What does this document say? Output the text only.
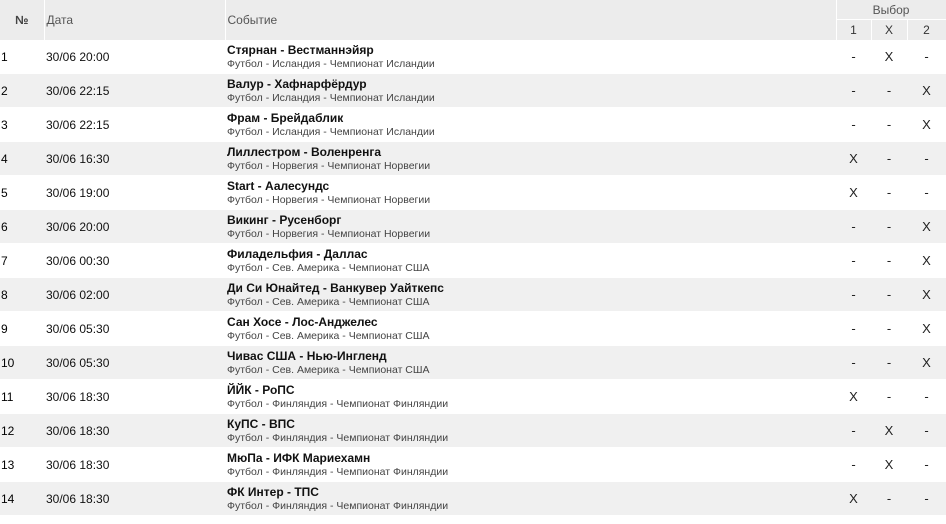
№	Дата	Событие	Выбор		
			1	X	2
1	30/06 20:00	Стярнан - Вестманнэйяр
Футбол - Исландия - Чемпионат Исландии	-	X	-
2	30/06 22:15	Валур - Хафнарфёрдур
Футбол - Исландия - Чемпионат Исландии	-	-	X
3	30/06 22:15	Фрам - Брейдаблик
Футбол - Исландия - Чемпионат Исландии	-	-	X
4	30/06 16:30	Лиллестром - Воленренга
Футбол - Норвегия - Чемпионат Норвегии	X	-	-
5	30/06 19:00	Start - Аалесундс
Футбол - Норвегия - Чемпионат Норвегии	X	-	-
6	30/06 20:00	Викинг - Русенборг
Футбол - Норвегия - Чемпионат Норвегии	-	-	X
7	30/06 00:30	Филадельфия - Даллас
Футбол - Сев. Америка - Чемпионат США	-	-	X
8	30/06 02:00	Ди Си Юнайтед - Ванкувер Уайткепс
Футбол - Сев. Америка - Чемпионат США	-	-	X
9	30/06 05:30	Сан Хосе - Лос-Анджелес
Футбол - Сев. Америка - Чемпионат США	-	-	X
10	30/06 05:30	Чивас США - Нью-Ингленд
Футбол - Сев. Америка - Чемпионат США	-	-	X
11	30/06 18:30	ЙЙК - РоПС
Футбол - Финляндия - Чемпионат Финляндии	X	-	-
12	30/06 18:30	КуПС - ВПС
Футбол - Финляндия - Чемпионат Финляндии	-	X	-
13	30/06 18:30	МюПа - ИФК Мариехамн
Футбол - Финляндия - Чемпионат Финляндии	-	X	-
14	30/06 18:30	ФК Интер - ТПС
Футбол - Финляндия - Чемпионат Финляндии	X	-	-
